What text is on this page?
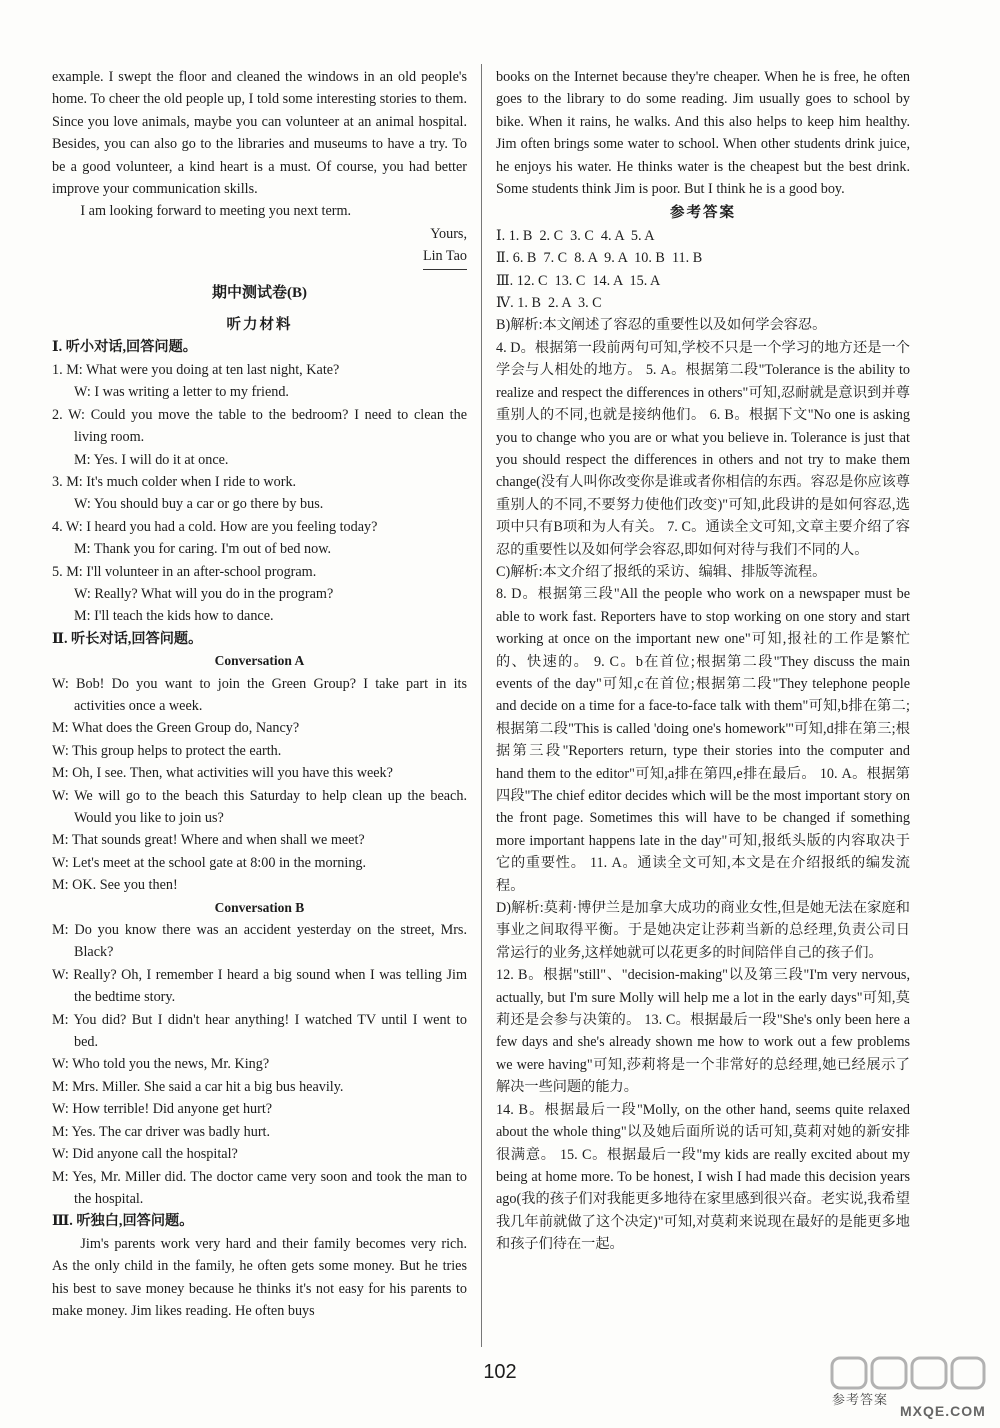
example. I swept the floor and cleaned the windows in an old people's home. To cheer the old people up, I told some interesting stories to them. Since you love animals, maybe you can volunteer at an animal hospital. Besides, you can also go to the libraries and museums to have a try. To be a good volunteer, a kind heart is a must. Of course, you had better improve your communication skills.

I am looking forward to meeting you next term.

Yours,

Lin Tao

期中测试卷(B)
听力材料

Ⅰ. 听小对话,回答问题。

1. M: What were you doing at ten last night, Kate?

W: I was writing a letter to my friend.

2. W: Could you move the table to the bedroom? I need to clean the living room.

M: Yes. I will do it at once.

3. M: It's much colder when I ride to work.

W: You should buy a car or go there by bus.

4. W: I heard you had a cold. How are you feeling today?

M: Thank you for caring. I'm out of bed now.

5. M: I'll volunteer in an after-school program.

W: Really? What will you do in the program?

M: I'll teach the kids how to dance.

Ⅱ. 听长对话,回答问题。

Conversation A

W: Bob! Do you want to join the Green Group? I take part in its activities once a week.

M: What does the Green Group do, Nancy?

W: This group helps to protect the earth.

M: Oh, I see. Then, what activities will you have this week?

W: We will go to the beach this Saturday to help clean up the beach. Would you like to join us?

M: That sounds great! Where and when shall we meet?

W: Let's meet at the school gate at 8:00 in the morning.

M: OK. See you then!

Conversation B

M: Do you know there was an accident yesterday on the street, Mrs. Black?

W: Really? Oh, I remember I heard a big sound when I was telling Jim the bedtime story.

M: You did? But I didn't hear anything! I watched TV until I went to bed.

W: Who told you the news, Mr. King?

M: Mrs. Miller. She said a car hit a big bus heavily.

W: How terrible! Did anyone get hurt?

M: Yes. The car driver was badly hurt.

W: Did anyone call the hospital?

M: Yes, Mr. Miller did. The doctor came very soon and took the man to the hospital.

Ⅲ. 听独白,回答问题。

Jim's parents work very hard and their family becomes very rich. As the only child in the family, he often gets some money. But he tries his best to save money because he thinks it's not easy for his parents to make money. Jim likes reading. He often buys

books on the Internet because they're cheaper. When he is free, he often goes to the library to do some reading. Jim usually goes to school by bike. When it rains, he walks. And this also helps to keep him healthy. Jim often brings some water to school. When other students drink juice, he enjoys his water. He thinks water is the cheapest but the best drink. Some students think Jim is poor. But I think he is a good boy.

参考答案

Ⅰ. 1. B  2. C  3. C  4. A  5. A

Ⅱ. 6. B  7. C  8. A  9. A  10. B  11. B

Ⅲ. 12. C  13. C  14. A  15. A

Ⅳ. 1. B  2. A  3. C

B)解析:本文阐述了容忍的重要性以及如何学会容忍。

4. D。根据第一段前两句可知,学校不只是一个学习的地方还是一个学会与人相处的地方。 5. A。根据第二段"Tolerance is the ability to realize and respect the differences in others"可知,忍耐就是意识到并尊重别人的不同,也就是接纳他们。 6. B。根据下文"No one is asking you to change who you are or what you believe in. Tolerance is just that you should respect the differences in others and not try to make them change(没有人叫你改变你是谁或者你相信的东西。容忍是你应该尊重别人的不同,不要努力使他们改变)"可知,此段讲的是如何容忍,选项中只有B项和为人有关。 7. C。通读全文可知,文章主要介绍了容忍的重要性以及如何学会容忍,即如何对待与我们不同的人。

C)解析:本文介绍了报纸的采访、编辑、排版等流程。

8. D。根据第三段"All the people who work on a newspaper must be able to work fast. Reporters have to stop working on one story and start working at once on the important new one"可知,报社的工作是繁忙的、快速的。 9. C。b在首位;根据第二段"They discuss the main events of the day"可知,c在首位;根据第二段"They telephone people and decide on a time for a face-to-face talk with them"可知,b排在第二;根据第二段"This is called 'doing one's homework'"可知,d排在第三;根据第三段"Reporters return, type their stories into the computer and hand them to the editor"可知,a排在第四,e排在最后。 10. A。根据第四段"The chief editor decides which will be the most important story on the front page. Sometimes this will have to be changed if something more important happens late in the day"可知,报纸头版的内容取决于它的重要性。 11. A。通读全文可知,本文是在介绍报纸的编发流程。

D)解析:莫莉·博伊兰是加拿大成功的商业女性,但是她无法在家庭和事业之间取得平衡。于是她决定让莎莉当新的总经理,负责公司日常运行的业务,这样她就可以花更多的时间陪伴自己的孩子们。

12. B。根据"still"、"decision-making"以及第三段"I'm very nervous, actually, but I'm sure Molly will help me a lot in the early days"可知,莫莉还是会参与决策的。 13. C。根据最后一段"She's only been here a few days and she's already shown me how to work out a few problems we were having"可知,莎莉将是一个非常好的总经理,她已经展示了解决一些问题的能力。

14. B。根据最后一段"Molly, on the other hand, seems quite relaxed about the whole thing"以及她后面所说的话可知,莫莉对她的新安排很满意。 15. C。根据最后一段"my kids are really excited about my being at home more. To be honest, I wish I had made this decision years ago(我的孩子们对我能更多地待在家里感到很兴奋。老实说,我希望我几年前就做了这个决定)"可知,对莫莉来说现在最好的是能更多地和孩子们待在一起。

102
参考答案
MXQE.COM
